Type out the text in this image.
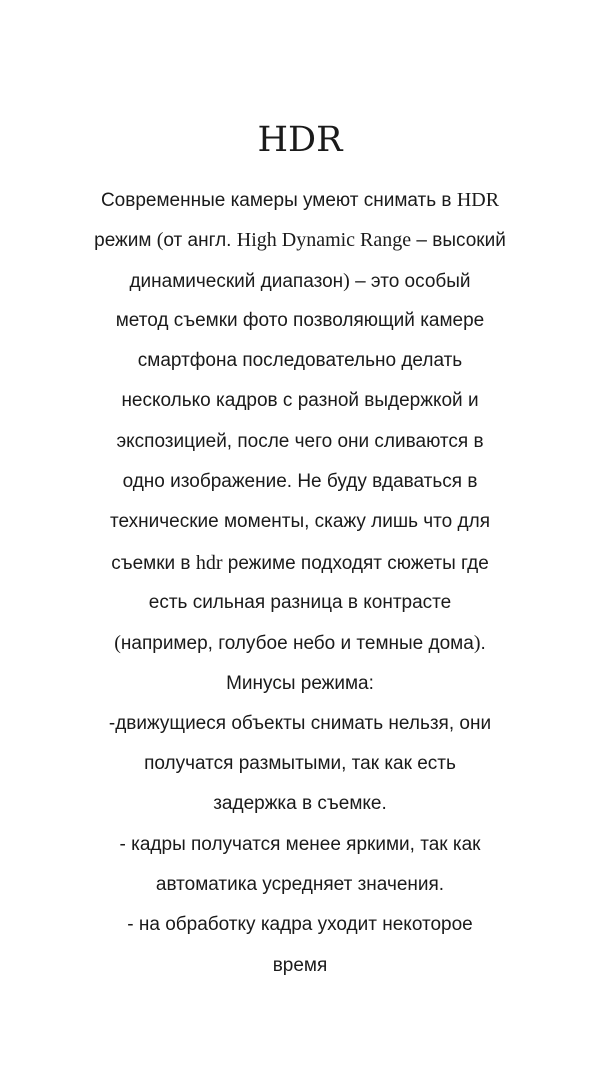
HDR
Современные камеры умеют снимать в HDR
режим (от англ. High Dynamic Range – высокий
динамический диапазон) – это особый
метод съемки фото позволяющий камере
смартфона последовательно делать
несколько кадров с разной выдержкой и
экспозицией, после чего они сливаются в
одно изображение. Не буду вдаваться в
технические моменты, скажу лишь что для
съемки в hdr режиме подходят сюжеты где
есть сильная разница в контрасте
(например, голубое небо и темные дома).
Минусы режима:
-движущиеся объекты снимать нельзя, они
получатся размытыми, так как есть
задержка в съемке.
- кадры получатся менее яркими, так как
автоматика усредняет значения.
- на обработку кадра уходит некоторое
время
